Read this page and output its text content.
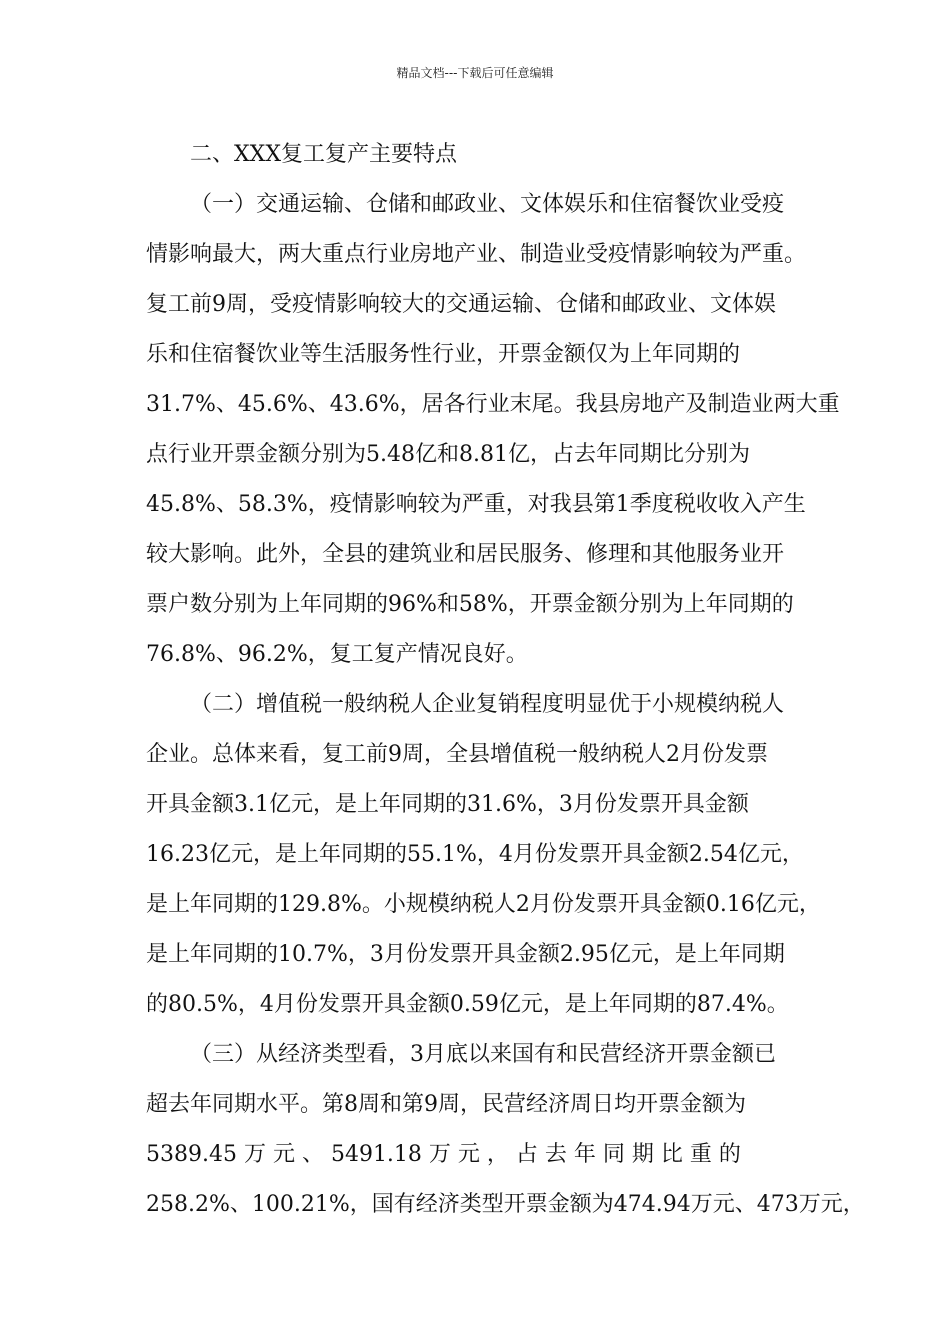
精品文档---下载后可任意编辑

二、XXX复工复产主要特点

（一）交通运输、仓储和邮政业、文体娱乐和住宿餐饮业受疫
情影响最大，两大重点行业房地产业、制造业受疫情影响较为严重。
复工前9周，受疫情影响较大的交通运输、仓储和邮政业、文体娱
乐和住宿餐饮业等生活服务性行业，开票金额仅为上年同期的
31.7%、45.6%、43.6%，居各行业末尾。我县房地产及制造业两大重
点行业开票金额分别为5.48亿和8.81亿，占去年同期比分别为
45.8%、58.3%，疫情影响较为严重，对我县第1季度税收收入产生
较大影响。此外，全县的建筑业和居民服务、修理和其他服务业开
票户数分别为上年同期的96%和58%，开票金额分别为上年同期的
76.8%、96.2%，复工复产情况良好。
（二）增值税一般纳税人企业复销程度明显优于小规模纳税人
企业。总体来看，复工前9周，全县增值税一般纳税人2月份发票
开具金额3.1亿元，是上年同期的31.6%，3月份发票开具金额
16.23亿元，是上年同期的55.1%，4月份发票开具金额2.54亿元，
是上年同期的129.8%。小规模纳税人2月份发票开具金额0.16亿元，
是上年同期的10.7%，3月份发票开具金额2.95亿元，是上年同期
的80.5%，4月份发票开具金额0.59亿元，是上年同期的87.4%。
（三）从经济类型看，3月底以来国有和民营经济开票金额已
超去年同期水平。第8周和第9周，民营经济周日均开票金额为
5389.45 万 元 、 5491.18 万 元 ， 占 去 年 同 期 比 重 的
258.2%、100.21%，国有经济类型开票金额为474.94万元、473万元，
